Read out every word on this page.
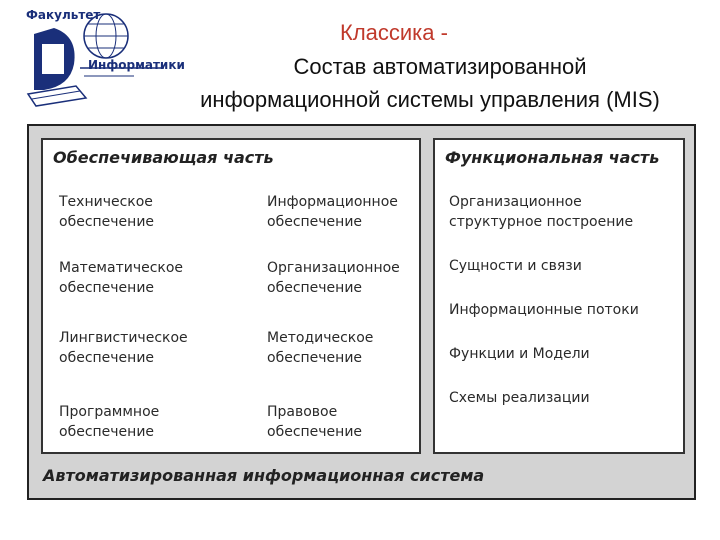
Факультет
Информатики
Классика -
Состав автоматизированной
информационной системы управления (MIS)
Обеспечивающая часть
Техническое
обеспечение
Математическое
обеспечение
Лингвистическое
обеспечение
Программное
обеспечение
Информационное
обеспечение
Организационное
обеспечение
Методическое
обеспечение
Правовое
обеспечение
Функциональная часть
Организационное
структурное построение
Сущности и связи
Информационные потоки
Функции и Модели
Схемы реализации
Автоматизированная информационная система
